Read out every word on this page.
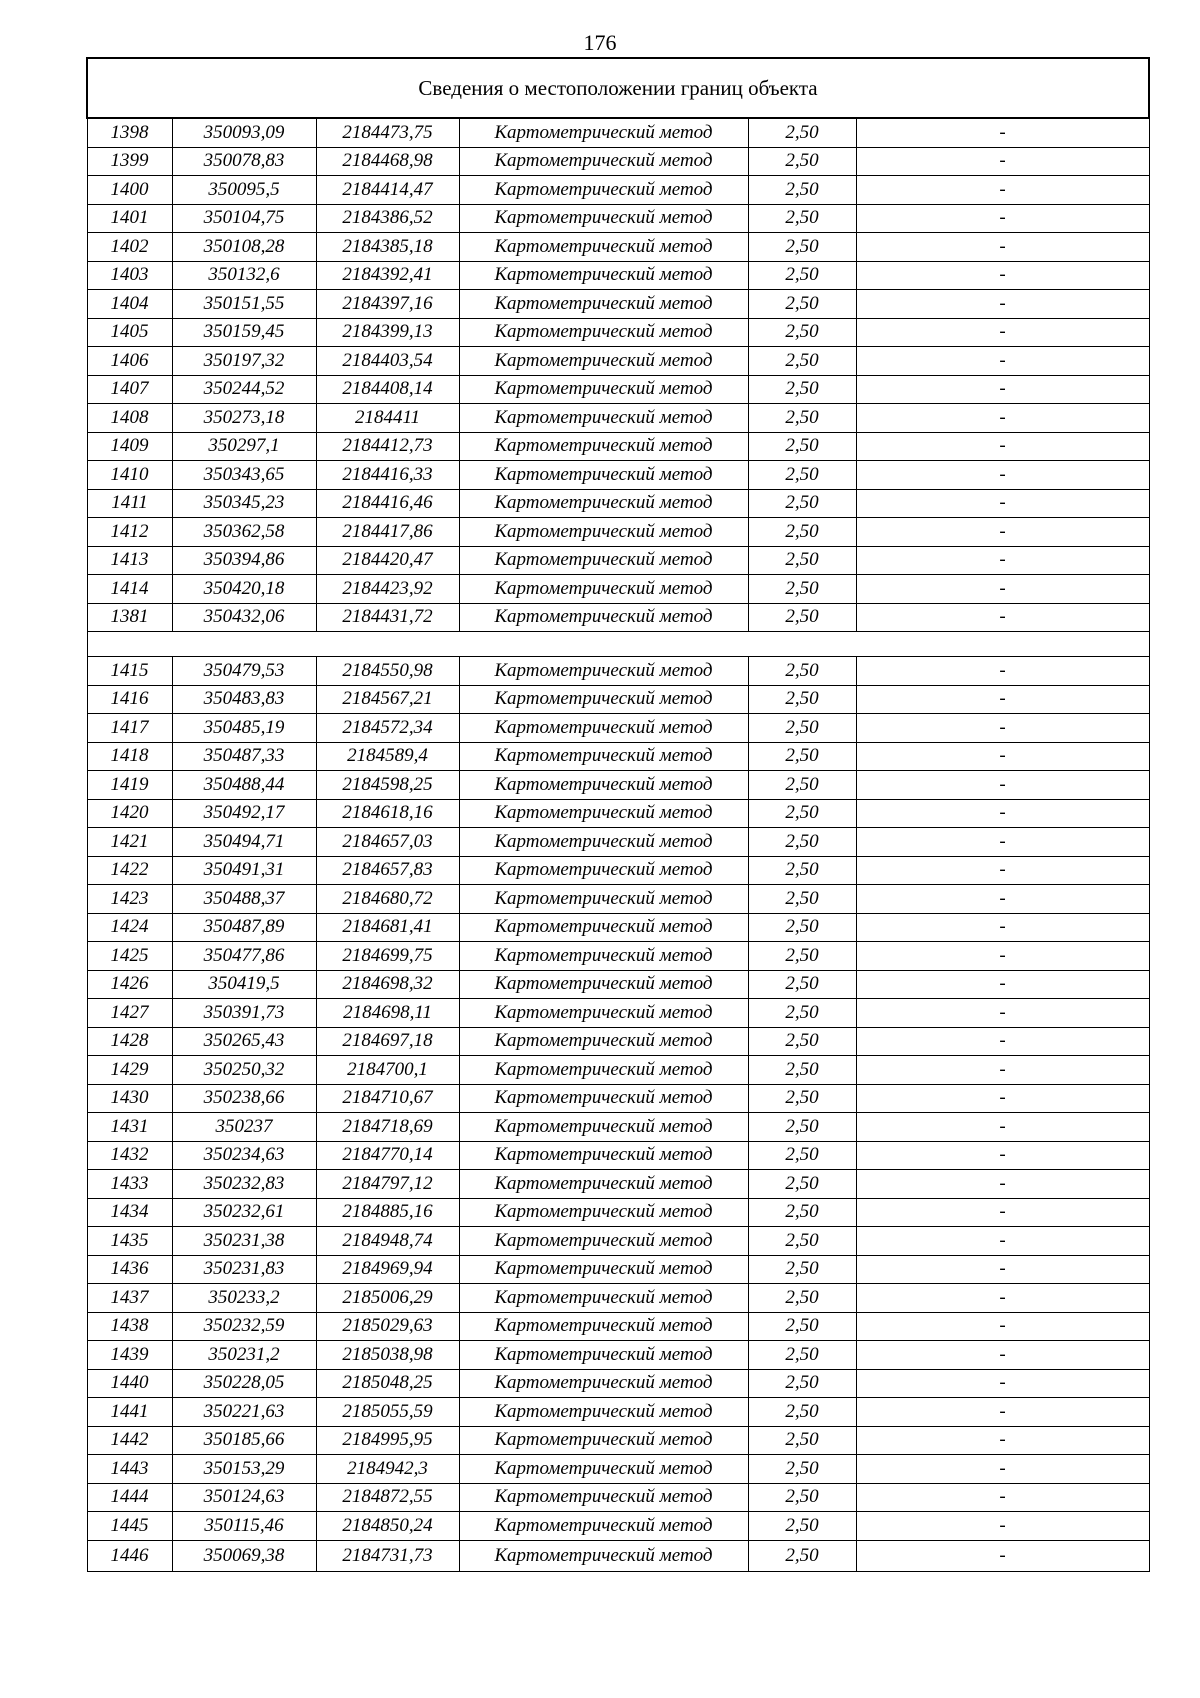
176
Сведения о местоположении границ объекта					
1398	350093,09	2184473,75	Картометрический метод	2,50	-
1399	350078,83	2184468,98	Картометрический метод	2,50	-
1400	350095,5	2184414,47	Картометрический метод	2,50	-
1401	350104,75	2184386,52	Картометрический метод	2,50	-
1402	350108,28	2184385,18	Картометрический метод	2,50	-
1403	350132,6	2184392,41	Картометрический метод	2,50	-
1404	350151,55	2184397,16	Картометрический метод	2,50	-
1405	350159,45	2184399,13	Картометрический метод	2,50	-
1406	350197,32	2184403,54	Картометрический метод	2,50	-
1407	350244,52	2184408,14	Картометрический метод	2,50	-
1408	350273,18	2184411	Картометрический метод	2,50	-
1409	350297,1	2184412,73	Картометрический метод	2,50	-
1410	350343,65	2184416,33	Картометрический метод	2,50	-
1411	350345,23	2184416,46	Картометрический метод	2,50	-
1412	350362,58	2184417,86	Картометрический метод	2,50	-
1413	350394,86	2184420,47	Картометрический метод	2,50	-
1414	350420,18	2184423,92	Картометрический метод	2,50	-
1381	350432,06	2184431,72	Картометрический метод	2,50	-

1415	350479,53	2184550,98	Картометрический метод	2,50	-
1416	350483,83	2184567,21	Картометрический метод	2,50	-
1417	350485,19	2184572,34	Картометрический метод	2,50	-
1418	350487,33	2184589,4	Картометрический метод	2,50	-
1419	350488,44	2184598,25	Картометрический метод	2,50	-
1420	350492,17	2184618,16	Картометрический метод	2,50	-
1421	350494,71	2184657,03	Картометрический метод	2,50	-
1422	350491,31	2184657,83	Картометрический метод	2,50	-
1423	350488,37	2184680,72	Картометрический метод	2,50	-
1424	350487,89	2184681,41	Картометрический метод	2,50	-
1425	350477,86	2184699,75	Картометрический метод	2,50	-
1426	350419,5	2184698,32	Картометрический метод	2,50	-
1427	350391,73	2184698,11	Картометрический метод	2,50	-
1428	350265,43	2184697,18	Картометрический метод	2,50	-
1429	350250,32	2184700,1	Картометрический метод	2,50	-
1430	350238,66	2184710,67	Картометрический метод	2,50	-
1431	350237	2184718,69	Картометрический метод	2,50	-
1432	350234,63	2184770,14	Картометрический метод	2,50	-
1433	350232,83	2184797,12	Картометрический метод	2,50	-
1434	350232,61	2184885,16	Картометрический метод	2,50	-
1435	350231,38	2184948,74	Картометрический метод	2,50	-
1436	350231,83	2184969,94	Картометрический метод	2,50	-
1437	350233,2	2185006,29	Картометрический метод	2,50	-
1438	350232,59	2185029,63	Картометрический метод	2,50	-
1439	350231,2	2185038,98	Картометрический метод	2,50	-
1440	350228,05	2185048,25	Картометрический метод	2,50	-
1441	350221,63	2185055,59	Картометрический метод	2,50	-
1442	350185,66	2184995,95	Картометрический метод	2,50	-
1443	350153,29	2184942,3	Картометрический метод	2,50	-
1444	350124,63	2184872,55	Картометрический метод	2,50	-
1445	350115,46	2184850,24	Картометрический метод	2,50	-
1446	350069,38	2184731,73	Картометрический метод	2,50	-
